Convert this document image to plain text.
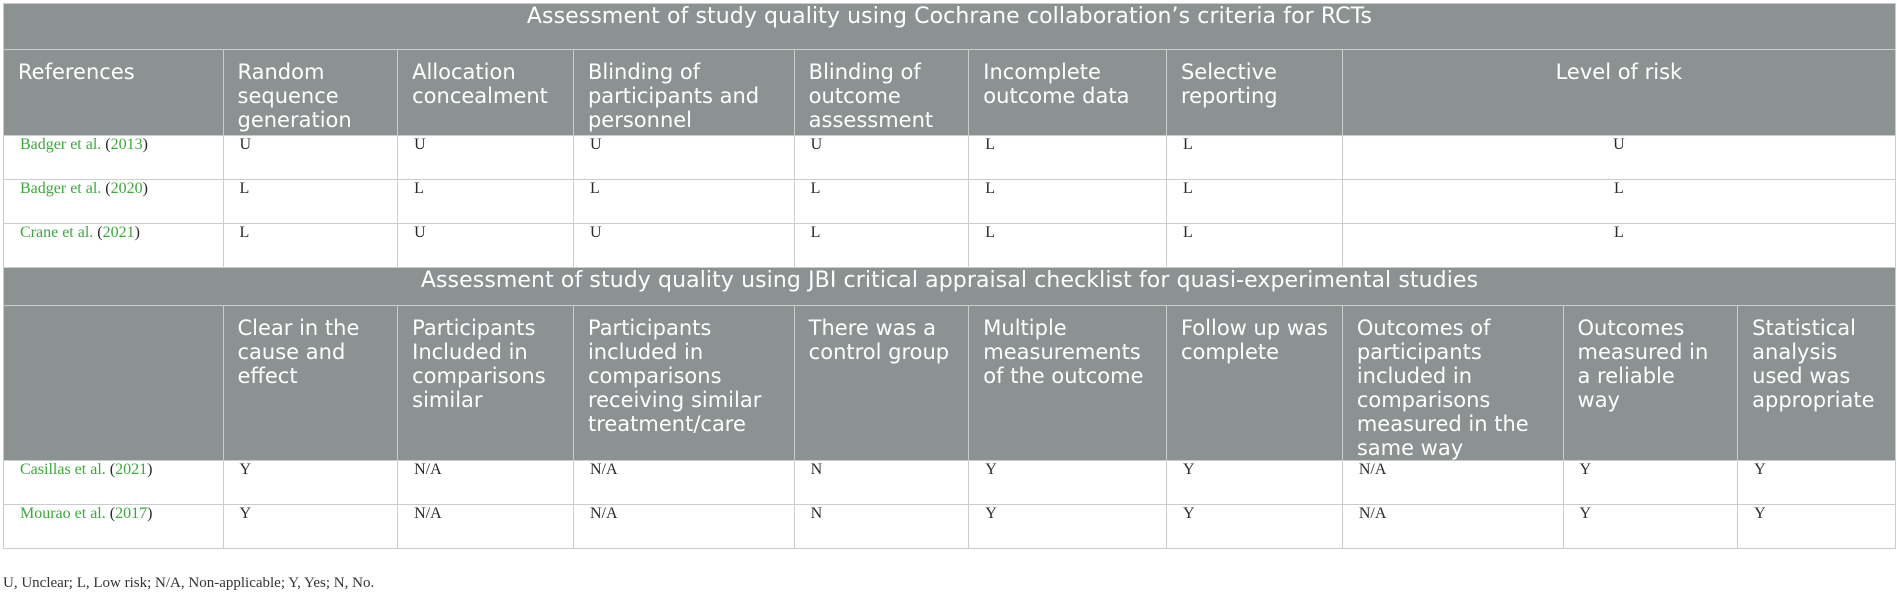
Assessment of study quality using Cochrane collaboration’s criteria for RCTs									
References	Random sequence generation	Allocation concealment	Blinding of participants and personnel	Blinding of outcome assessment	Incomplete outcome data	Selective reporting	Level of risk		
Badger et al. (2013)	U	U	U	U	L	L	U		
Badger et al. (2020)	L	L	L	L	L	L	L		
Crane et al. (2021)	L	U	U	L	L	L	L		
Assessment of study quality using JBI critical appraisal checklist for quasi-experimental studies									
	Clear in the cause and effect	Participants Included in comparisons similar	Participants included in comparisons receiving similar treatment/care	There was a control group	Multiple measurements of the outcome	Follow up was complete	Outcomes of participants included in comparisons measured in the same way	Outcomes measured in a reliable way	Statistical analysis used was appropriate
Casillas et al. (2021)	Y	N/A	N/A	N	Y	Y	N/A	Y	Y
Mourao et al. (2017)	Y	N/A	N/A	N	Y	Y	N/A	Y	Y

U, Unclear; L, Low risk; N/A, Non-applicable; Y, Yes; N, No.
